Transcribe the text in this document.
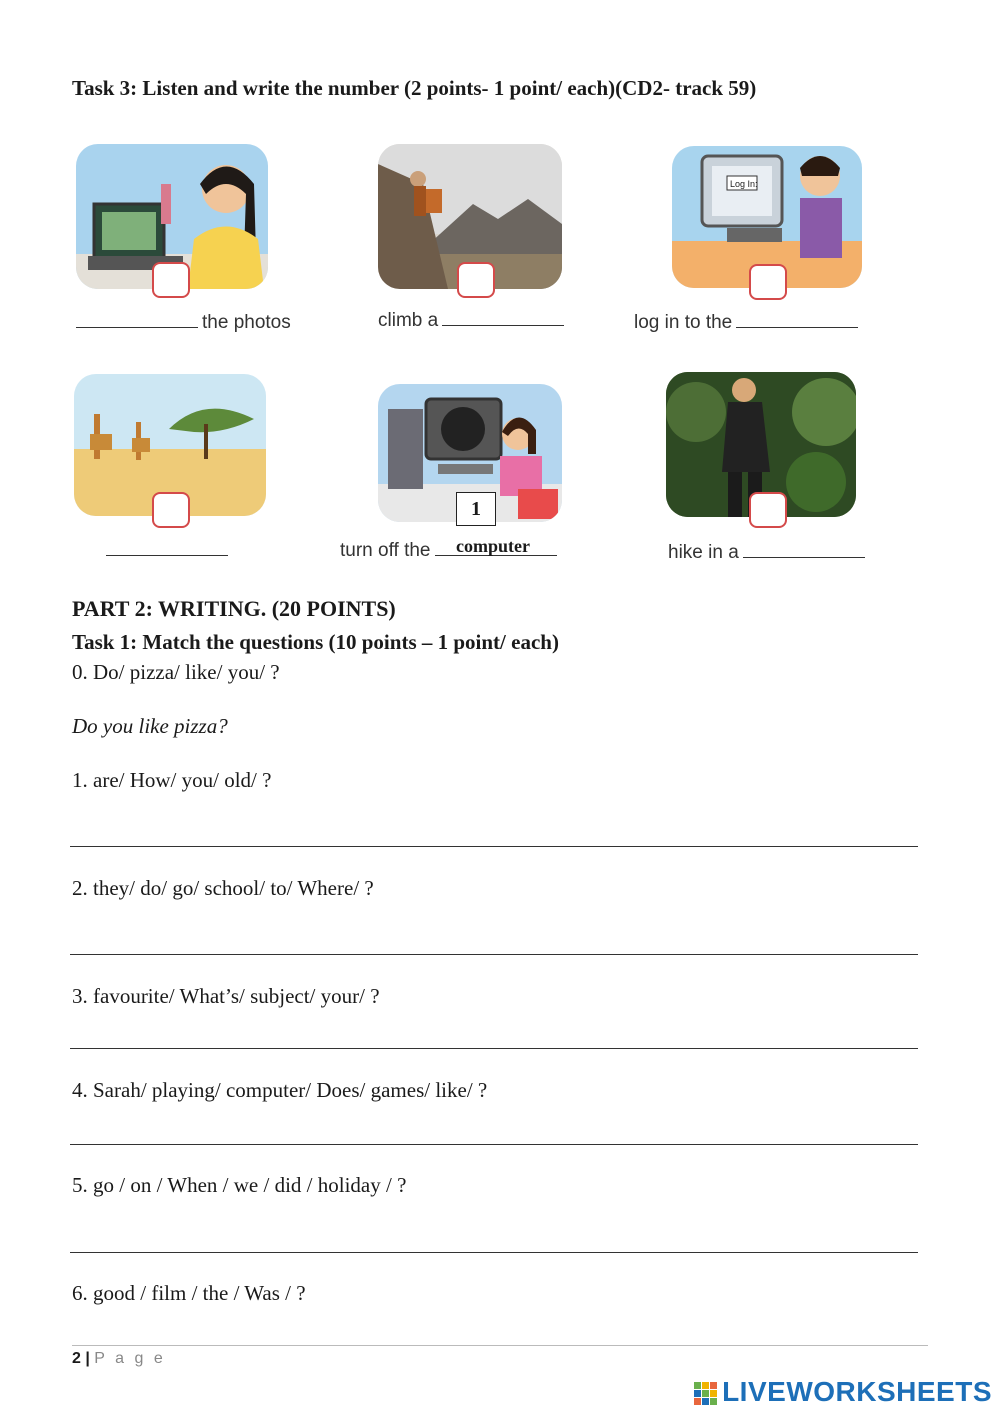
Task 3: Listen and write the number (2 points- 1 point/ each)(CD2- track 59)
the photos	climb a
Log In:
log in to the
1
turn off the	computer	hike in a
PART 2: WRITING. (20 POINTS)
Task 1: Match the questions (10 points – 1 point/ each)
0. Do/ pizza/ like/ you/ ?
Do you like pizza?
1. are/ How/ you/ old/ ?
2. they/ do/ go/ school/ to/ Where/ ?
3. favourite/ What’s/ subject/ your/ ?
4. Sarah/ playing/ computer/ Does/ games/ like/ ?
5. go / on / When / we / did / holiday / ?
6. good / film / the / Was / ?
2 | P a g e
LIVEWORKSHEETS
